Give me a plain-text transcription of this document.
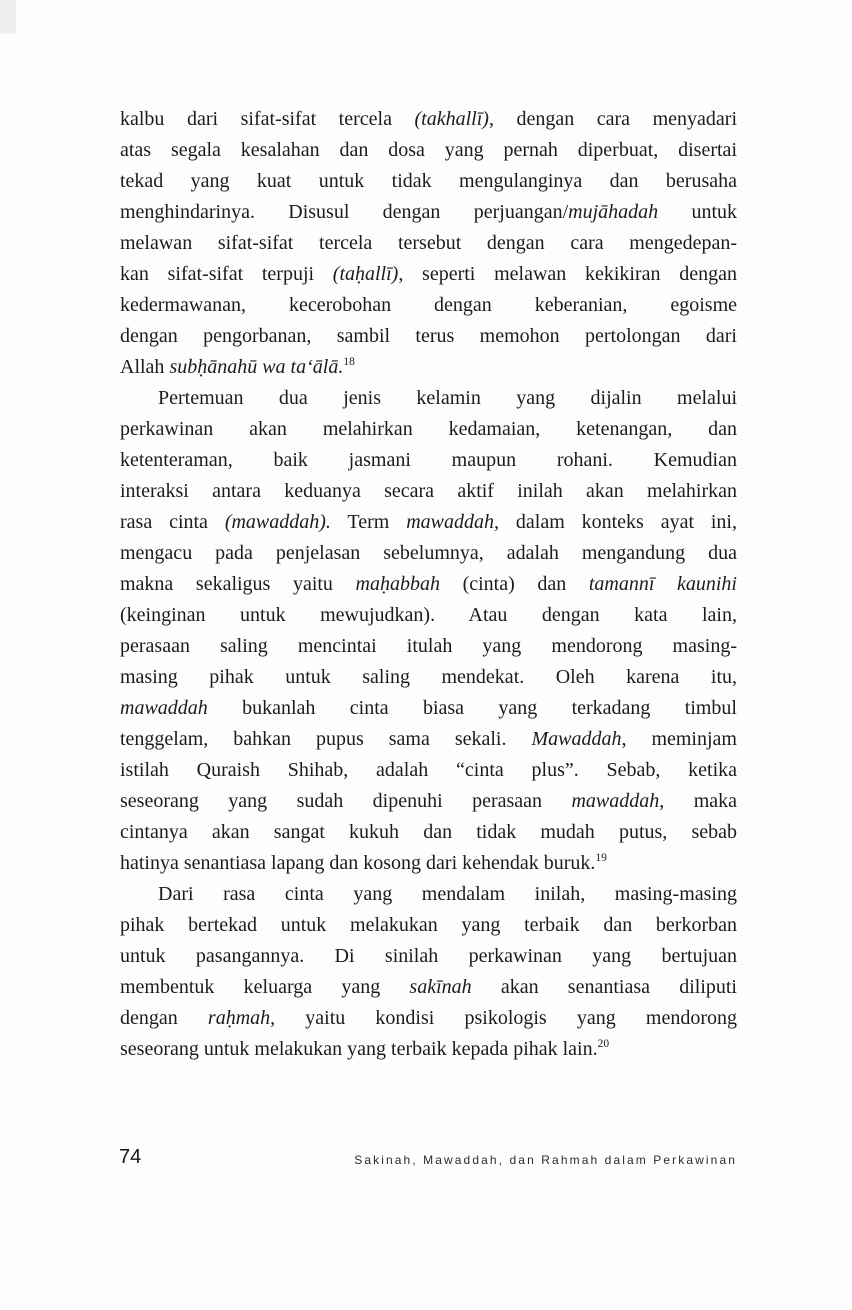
kalbu dari sifat-sifat tercela (takhallī), dengan cara menyadari
atas segala kesalahan dan dosa yang pernah diperbuat, disertai
tekad yang kuat untuk tidak mengulanginya dan berusaha
menghindarinya. Disusul dengan perjuangan/mujāhadah untuk
melawan sifat-sifat tercela tersebut dengan cara mengedepan-
kan sifat-sifat terpuji (taḥallī), seperti melawan kekikiran dengan
kedermawanan, kecerobohan dengan keberanian, egoisme
dengan pengorbanan, sambil terus memohon pertolongan dari
Allah subḥānahū wa ta‘ālā.$^{18}$
Pertemuan dua jenis kelamin yang dijalin melalui
perkawinan akan melahirkan kedamaian, ketenangan, dan
ketenteraman, baik jasmani maupun rohani. Kemudian
interaksi antara keduanya secara aktif inilah akan melahirkan
rasa cinta (mawaddah). Term mawaddah, dalam konteks ayat ini,
mengacu pada penjelasan sebelumnya, adalah mengandung dua
makna sekaligus yaitu maḥabbah (cinta) dan tamannī kaunihi
(keinginan untuk mewujudkan). Atau dengan kata lain,
perasaan saling mencintai itulah yang mendorong masing-
masing pihak untuk saling mendekat. Oleh karena itu,
mawaddah bukanlah cinta biasa yang terkadang timbul
tenggelam, bahkan pupus sama sekali. Mawaddah, meminjam
istilah Quraish Shihab, adalah “cinta plus”. Sebab, ketika
seseorang yang sudah dipenuhi perasaan mawaddah, maka
cintanya akan sangat kukuh dan tidak mudah putus, sebab
hatinya senantiasa lapang dan kosong dari kehendak buruk.$^{19}$
Dari rasa cinta yang mendalam inilah, masing-masing
pihak bertekad untuk melakukan yang terbaik dan berkorban
untuk pasangannya. Di sinilah perkawinan yang bertujuan
membentuk keluarga yang sakīnah akan senantiasa diliputi
dengan raḥmah, yaitu kondisi psikologis yang mendorong
seseorang untuk melakukan yang terbaik kepada pihak lain.$^{20}$
74	Sakinah, Mawaddah, dan Rahmah dalam Perkawinan
